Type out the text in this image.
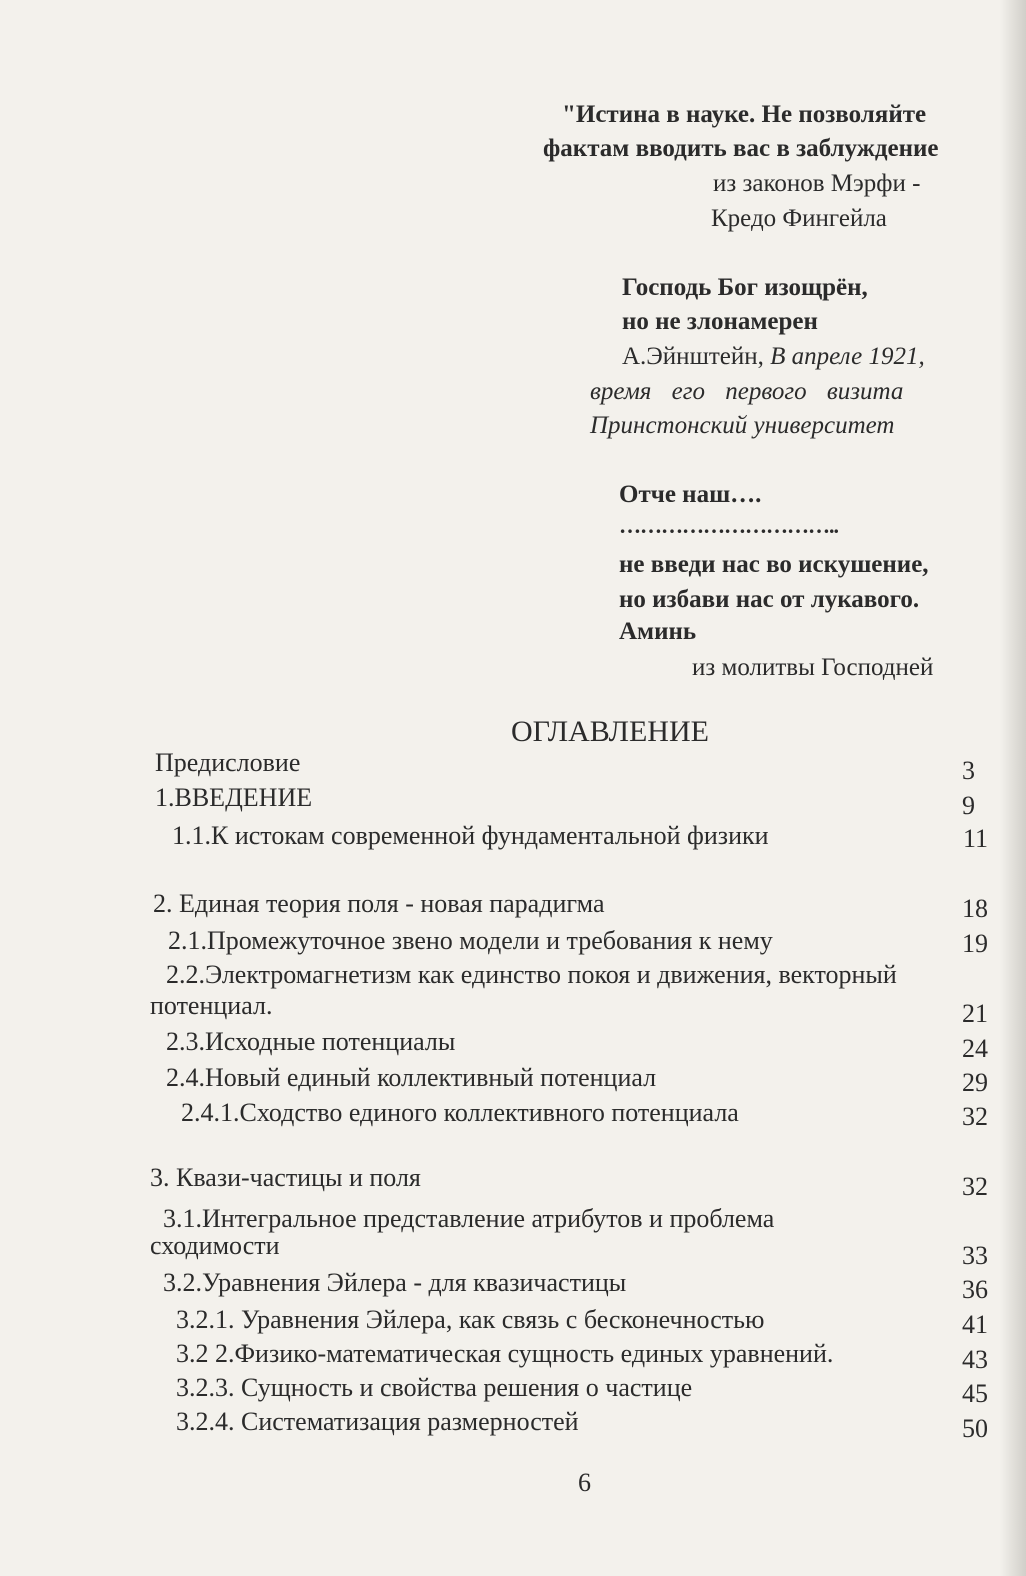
"Истина в науке. Не позволяйте
фактам вводить вас в заблуждение
из законов Мэрфи -
Кредо Фингейла
Господь Бог изощрён,
но не злонамерен
А.Эйнштейн, В апреле 1921,
время его первого визита
Принстонский университет
Отче наш….
…………………………..
не введи нас во искушение,
но избави нас от лукавого.
Аминь
из молитвы Господней
ОГЛАВЛЕНИЕ
Предисловие	3
1.ВВЕДЕНИЕ	9
1.1.К истокам современной фундаментальной физики	11
2. Единая теория поля - новая парадигма	18
2.1.Промежуточное звено модели и требования к нему	19
2.2.Электромагнетизм как единство покоя и движения, векторный
потенциал.	21
2.3.Исходные потенциалы	24
2.4.Новый единый коллективный потенциал	29
2.4.1.Сходство единого коллективного потенциала	32
3. Квази-частицы и поля	32
3.1.Интегральное представление атрибутов и проблема
сходимости	33
3.2.Уравнения Эйлера - для квазичастицы	36
3.2.1. Уравнения Эйлера, как связь с бесконечностью	41
3.2 2.Физико-математическая сущность единых уравнений.	43
3.2.3. Сущность и свойства решения о частице	45
3.2.4. Систематизация размерностей	50
6
